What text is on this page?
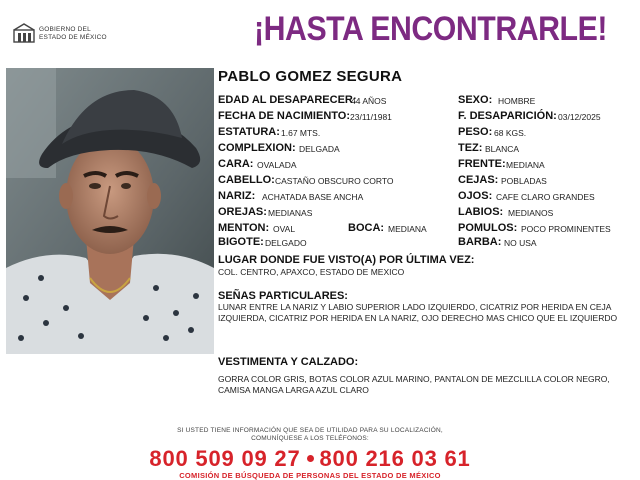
GOBIERNO DEL
ESTADO DE MÉXICO	¡HASTA ENCONTRARLE!
PABLO GOMEZ SEGURA
EDAD AL DESAPARECER:
44 AÑOS
FECHA DE NACIMIENTO: 23/11/1981
ESTATURA: 1.67 MTS.
COMPLEXION: DELGADA
CARA: OVALADA
CABELLO: CASTAÑO OBSCURO CORTO
NARIZ: ACHATADA BASE ANCHA
OREJAS: MEDIANAS
MENTON: OVAL	BOCA: MEDIANA
BIGOTE: DELGADO
SEXO: HOMBRE
F. DESAPARICIÓN: 03/12/2025
PESO: 68 KGS.
TEZ: BLANCA
FRENTE: MEDIANA
CEJAS: POBLADAS
OJOS: CAFE CLARO GRANDES
LABIOS: MEDIANOS
POMULOS: POCO PROMINENTES
BARBA: NO USA
LUGAR DONDE FUE VISTO(A) POR ÚLTIMA VEZ:
COL. CENTRO, APAXCO, ESTADO DE MEXICO
SEÑAS PARTICULARES:
LUNAR ENTRE LA NARIZ Y LABIO SUPERIOR LADO IZQUIERDO, CICATRIZ POR HERIDA EN CEJA IZQUIERDA, CICATRIZ POR HERIDA EN LA NARIZ, OJO DERECHO MAS CHICO QUE EL IZQUIERDO
VESTIMENTA Y CALZADO:
GORRA COLOR GRIS, BOTAS COLOR AZUL MARINO, PANTALON DE MEZCLILLA COLOR NEGRO, CAMISA MANGA LARGA AZUL CLARO
SI USTED TIENE INFORMACIÓN QUE SEA DE UTILIDAD PARA SU LOCALIZACIÓN,
COMUNÍQUESE A LOS TELÉFONOS:
800 509 09 27 800 216 03 61
COMISIÓN DE BÚSQUEDA DE PERSONAS DEL ESTADO DE MÉXICO
